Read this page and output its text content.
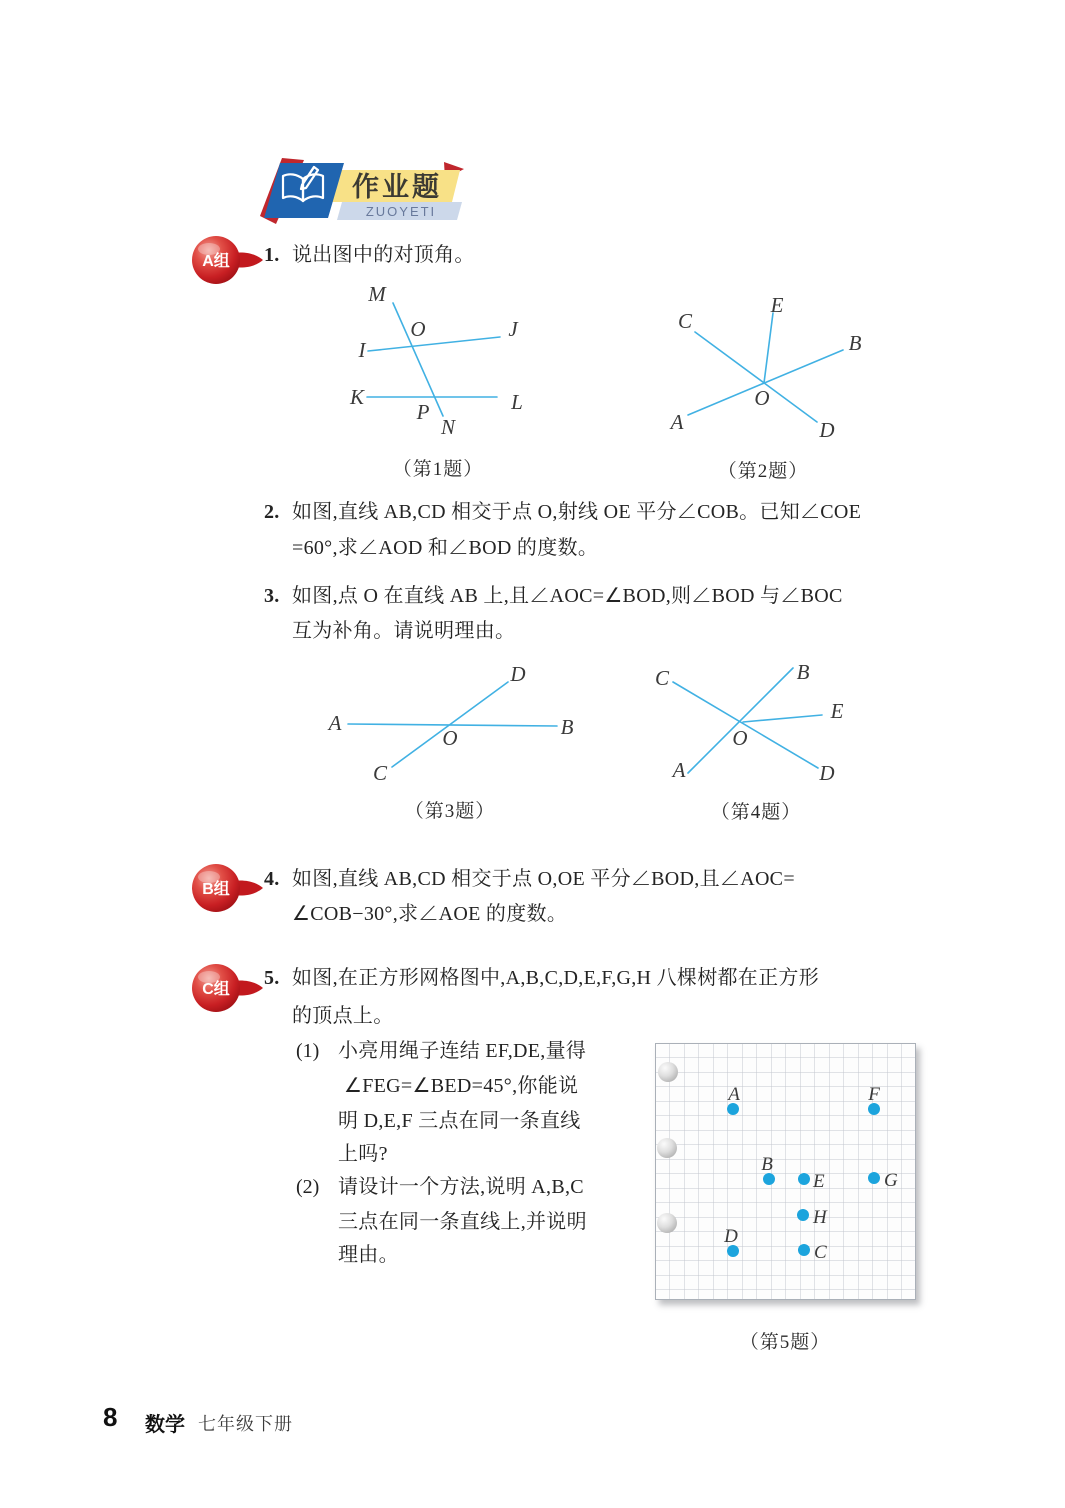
作业题
ZUOYETI
A组
B组
C组
1. 说出图中的对顶角。
M
O	J
I
K
P	L
N
（第1题）
E
C
B
O
A	D
（第2题）
2. 如图,直线 AB,CD 相交于点 O,射线 OE 平分∠COB。已知∠COE
=60°,求∠AOD 和∠BOD 的度数。
3. 如图,点 O 在直线 AB 上,且∠AOC=∠BOD,则∠BOD 与∠BOC
互为补角。请说明理由。
D
A	B
O
C
（第3题）
C	B
E
O
A	D
（第4题）
4. 如图,直线 AB,CD 相交于点 O,OE 平分∠BOD,且∠AOC=
∠COB−30°,求∠AOE 的度数。
5. 如图,在正方形网格图中,A,B,C,D,E,F,G,H 八棵树都在正方形
的顶点上。
(1) 小亮用绳子连结 EF,DE,量得
∠FEG=∠BED=45°,你能说
明 D,E,F 三点在同一条直线
上吗?
(2) 请设计一个方法,说明 A,B,C
三点在同一条直线上,并说明
理由。
A	F
B
E	G
H
D
C
（第5题）
8 数学 七年级下册
